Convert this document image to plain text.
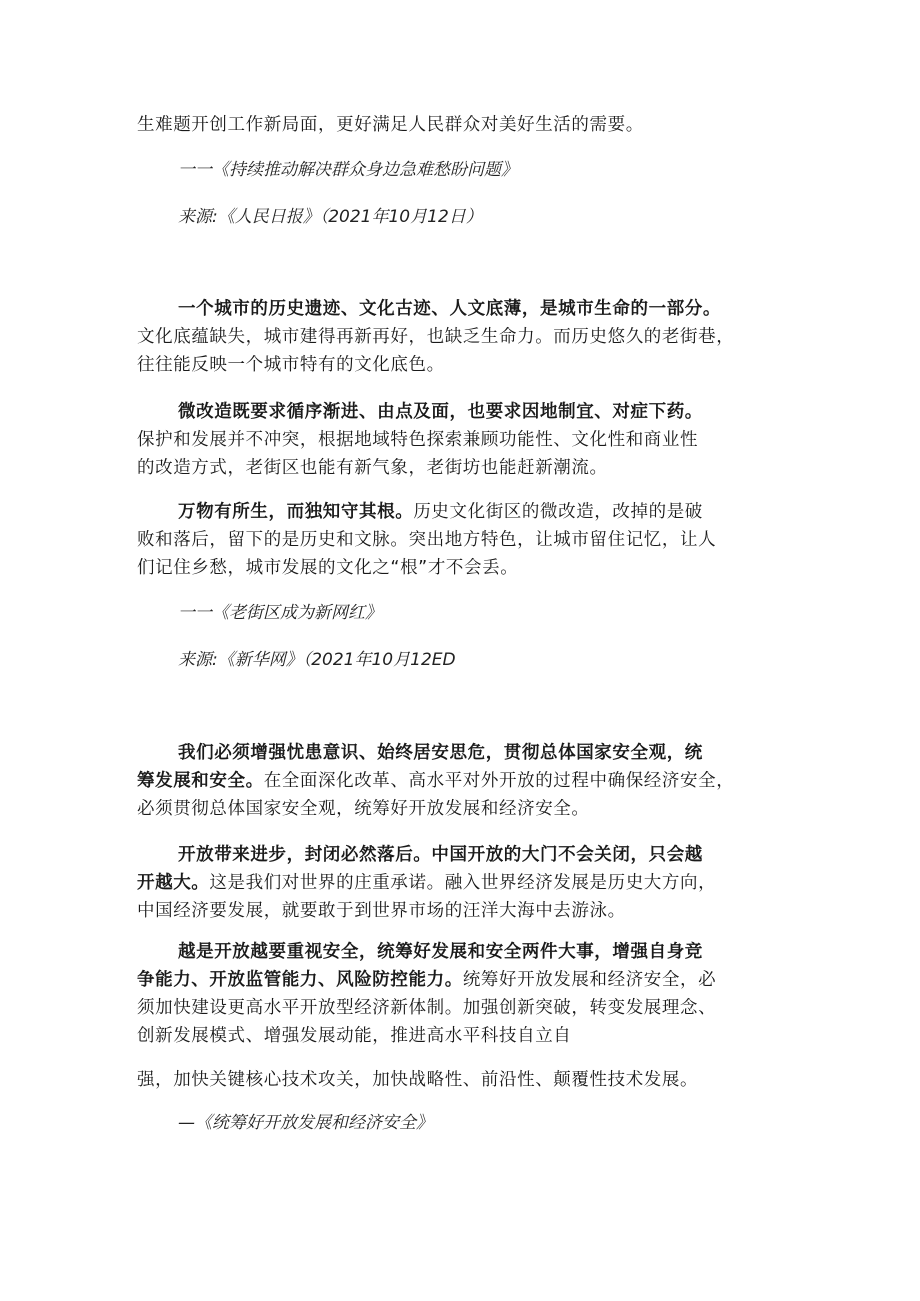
生难题开创工作新局面，更好满足人民群众对美好生活的需要。
一一《持续推动解决群众身边急难愁盼问题》
来源:《人民日报》（2021年10月12日）
一个城市的历史遗迹、文化古迹、人文底薄，是城市生命的一部分。
文化底蕴缺失，城市建得再新再好，也缺乏生命力。而历史悠久的老街巷，
往往能反映一个城市特有的文化底色。
微改造既要求循序渐进、由点及面，也要求因地制宜、对症下药。
保护和发展并不冲突，根据地域特色探索兼顾功能性、文化性和商业性
的改造方式，老街区也能有新气象，老街坊也能赶新潮流。
万物有所生，而独知守其根。历史文化街区的微改造，改掉的是破
败和落后，留下的是历史和文脉。突出地方特色，让城市留住记忆，让人
们记住乡愁，城市发展的文化之“根”才不会丢。
一一《老街区成为新网红》
来源:《新华网》（2021年10月12ED
我们必须增强忧患意识、始终居安思危，贯彻总体国家安全观，统
筹发展和安全。在全面深化改革、高水平对外开放的过程中确保经济安全，
必须贯彻总体国家安全观，统筹好开放发展和经济安全。
开放带来进步，封闭必然落后。中国开放的大门不会关闭，只会越
开越大。这是我们对世界的庄重承诺。融入世界经济发展是历史大方向，
中国经济要发展，就要敢于到世界市场的汪洋大海中去游泳。
越是开放越要重视安全，统筹好发展和安全两件大事，增强自身竞
争能力、开放监管能力、风险防控能力。统筹好开放发展和经济安全，必
须加快建设更高水平开放型经济新体制。加强创新突破，转变发展理念、
创新发展模式、增强发展动能，推进高水平科技自立自
强，加快关键核心技术攻关，加快战略性、前沿性、颠覆性技术发展。
—《统筹好开放发展和经济安全》
